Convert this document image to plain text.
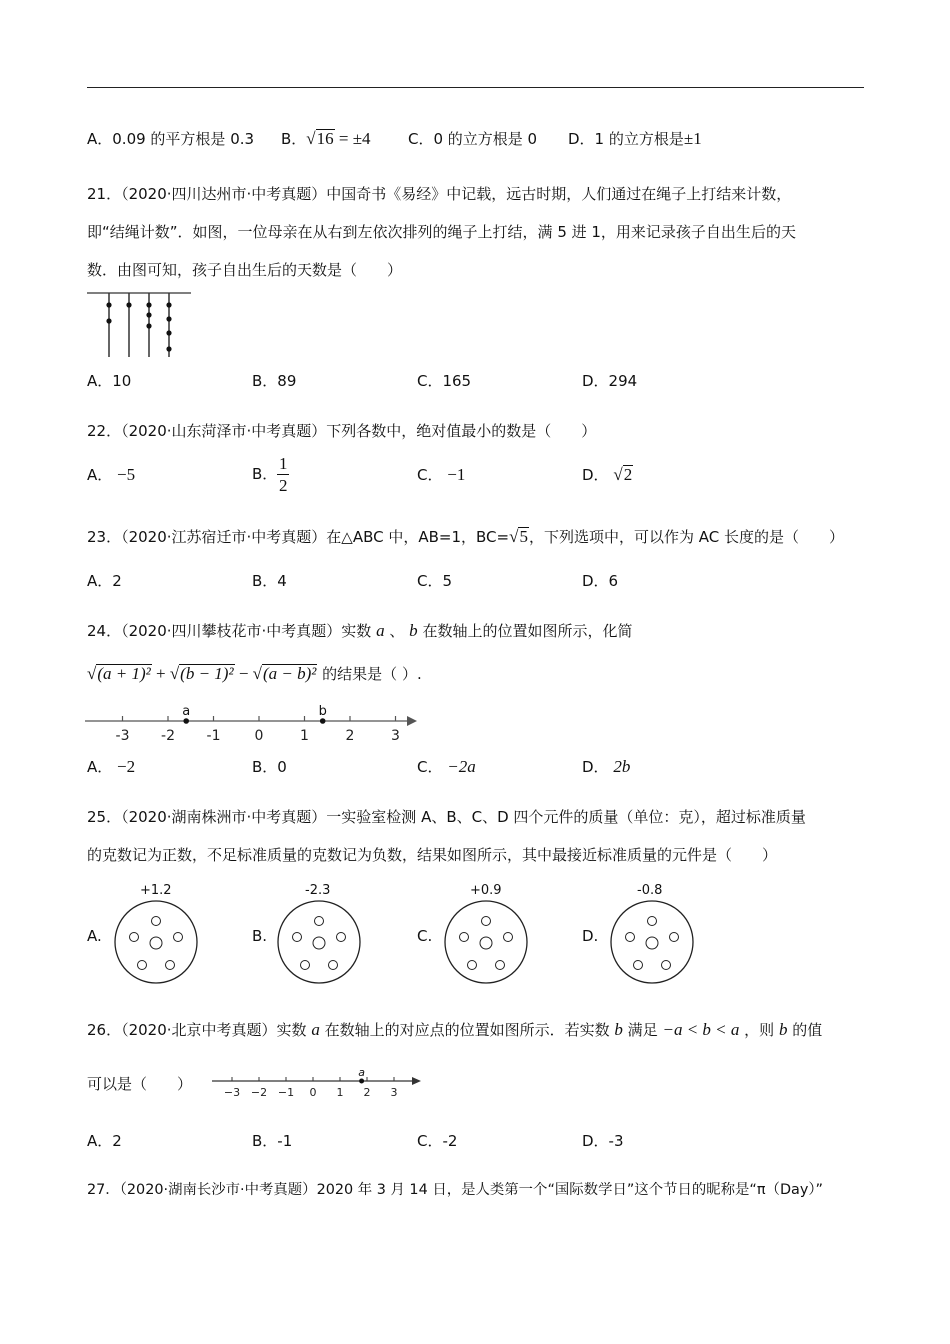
A．0.09 的平方根是 0.3 B．√16 = ±4 C．0 的立方根是 0 D．1 的立方根是±1
21．（2020·四川达州市·中考真题）中国奇书《易经》中记载，远古时期，人们通过在绳子上打结来计数，
即“结绳计数”．如图，一位母亲在从右到左依次排列的绳子上打结，满 5 进 1，用来记录孩子自出生后的天
数．由图可知，孩子自出生后的天数是（　　）
A．10	B．89	C．165	D．294
22．（2020·山东菏泽市·中考真题）下列各数中，绝对值最小的数是（　　）
A． −5	B． $\frac{1}{2}$	C． −1	D． √2
23．（2020·江苏宿迁市·中考真题）在△ABC 中，AB=1，BC=√5，下列选项中，可以作为 AC 长度的是（　　）
A．2	B．4	C．5	D．6
24．（2020·四川攀枝花市·中考真题）实数 a 、 b 在数轴上的位置如图所示，化简
√(a + 1)² + √(b − 1)² − √(a − b)² 的结果是（ ）.
-3 -2 -1 0	1	2	3
a	b
A． −2	B．0	C． −2a	D． 2b
25．（2020·湖南株洲市·中考真题）一实验室检测 A、B、C、D 四个元件的质量（单位：克），超过标准质量
的克数记为正数，不足标准质量的克数记为负数，结果如图所示，其中最接近标准质量的元件是（　　）
A.	B.	C.	D.
+1.2	-2.3	+0.9	-0.8
26．（2020·北京中考真题）实数 a 在数轴上的对应点的位置如图所示．若实数 b 满足 −a < b < a ，则 b 的值
可以是（　　）	−3 −2 −1 0 1 2 3
a
A．2	B．-1	C．-2	D．-3
27．（2020·湖南长沙市·中考真题）2020 年 3 月 14 日，是人类第一个“国际数学日”这个节日的昵称是“π（Day）”
